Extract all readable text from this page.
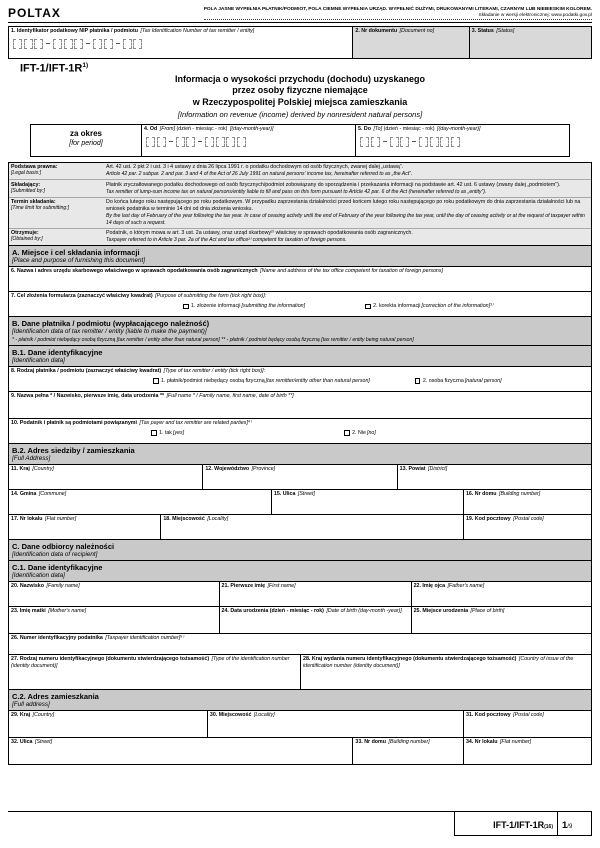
POLTAX	POLA JASNE WYPEŁNIA PŁATNIK/PODMIOT, POLA CIEMNE WYPEŁNIA URZĄD. WYPEŁNIĆ DUŻYMI, DRUKOWANYMI LITERAMI, CZARNYM LUB NIEBIESKIM KOLOREM.
Składanie w wersji elektronicznej: www.podatki.gov.pl
1. Identyfikator podatkowy NIP płatnika / podmiotu [Tax Identification Number of tax remitter / entity]	2. Nr dokumentu [Document no]	3. Status [Status]
IFT-$1/IFT-1R^{1)}$
Informacja o wysokości przychodu (dochodu) uzyskanego
przez osoby fizyczne niemające
w Rzeczypospolitej Polskiej miejsca zamieszkania
[Information on revenue (income) derived by nonresident natural persons]
za okres
[for period]
4. Od [From] (dzień - miesiąc - rok) [(day-month-year)]	5. Do [To] (dzień - miesiąc - rok) [(day-month-year)]
Podstawa prawna:
[Legal basis:]
Art. 42 ust. 2 pkt 2 i ust. 3 i 4 ustawy z dnia 26 lipca 1991 r. o podatku dochodowym od osób fizycznych, zwanej dalej „ustawą”.
Article 42 par. 2 subpar. 2 and par. 3 and 4 of the Act of 26 July 1991 on natural persons’ income tax, hereinafter referred to as „the Act”.
Składający:
[Submitted by:]
Płatnik zryczałtowanego podatku dochodowego od osób fizycznych/podmiot zobowiązany do sporządzenia i przekazania informacji na podstawie art. 42 ust. 6 ustawy (zwany dalej „podmiotem”).
Tax remitter of lump-sum income tax on natural persons/entity liable to fill and pass on this form pursuant to Article 42 par. 6 of the Act (hereinafter referred to as „entity”).
Termin składania:
[Time limit for submitting:]
Do końca lutego roku następującego po roku podatkowym. W przypadku zaprzestania działalności przed końcem lutego roku następującego po roku podatkowym do dnia zaprzestania działalności lub na wniosek podatnika w terminie 14 dni od dnia złożenia wniosku.
By the last day of February of the year following the tax year. In case of ceasing activity until the end of February of the year following the tax year, until the day of ceasing activity or at the request of taxpayer within 14 days of such a request.
Otrzymuje:
[Obtained by:]
Podatnik, o którym mowa w art. 3 ust. 2a ustawy, oraz urząd skarbowy²⁾ właściwy w sprawach opodatkowania osób zagranicznych.
Taxpayer referred to in Article 3 par. 2a of the Act and tax office²⁾ competent for taxation of foreign persons.
A. Miejsce i cel składania informacji
[Place and purpose of furnishing this document]
6. Nazwa i adres urzędu skarbowego właściwego w sprawach opodatkowania osób zagranicznych [Name and address of the tax office competent for taxation of foreign persons]
7. Cel złożenia formularza (zaznaczyć właściwy kwadrat) [Purpose of submitting the form (tick right box)]:
1. złożenie informacji [submitting the information]	2. korekta informacji [correction of the information]³⁾
B. Dane płatnika / podmiotu (wypłacającego należność)
[Identification data of tax remitter / entity (liable to make the payment)]
* - płatnik / podmiot niebędący osobą fizyczną [tax remitter / entity other than natural person] ** - płatnik / podmiot będący osobą fizyczną [tax remitter / entity being natural person]
B.1. Dane identyfikacyjne
[Identification data]
8. Rodzaj płatnika / podmiotu (zaznaczyć właściwy kwadrat) [Type of tax remitter / entity (tick right box)]:
1. płatnik/podmiot niebędący osobą fizyczną [tax remitter/entity other than natural person]	2. osoba fizyczna [natural person]
9. Nazwa pełna * / Nazwisko, pierwsze imię, data urodzenia ** [Full name * / Family name, first name, date of birth **]
10. Podatnik i płatnik są podmiotami powiązanymi [Tax payer and tax remitter are related parties]⁴⁾
1. tak [yes]	2. Nie [no]
B.2. Adres siedziby / zamieszkania
[Full Address]
11. Kraj [Country]	12. Województwo [Province]	13. Powiat [District]
14. Gmina [Commune]	15. Ulica [Street]	16. Nr domu [Building number]
17. Nr lokalu [Flat number]	18. Miejscowość [Locality]	19. Kod pocztowy [Postal code]
C. Dane odbiorcy należności
[Identification data of recipient]
C.1. Dane identyfikacyjne
[Identification data]
20. Nazwisko [Family name]	21. Pierwsze imię [First name]	22. Imię ojca [Father's name]
23. Imię matki [Mother's name]	24. Data urodzenia (dzień - miesiąc - rok) [Date of birth (day-month -year)]	25. Miejsce urodzenia [Place of birth]
26. Numer identyfikacyjny podatnika [Taxpayer identification number]⁵⁾
27. Rodzaj numeru identyfikacyjnego (dokumentu stwierdzającego tożsamość) [Type of the identification number (identity document)]
28. Kraj wydania numeru identyfikacyjnego (dokumentu stwierdzającego tożsamość) [Country of issue of the identification number (identity document)]
C.2. Adres zamieszkania
[Full address]
29. Kraj [Country]	30. Miejscowość [Locality]	31. Kod pocztowy [Postal code]
32. Ulica [Street]	33. Nr domu [Building number]	34. Nr lokalu [Flat number]
IFT-1/IFT-1R(16) 1/9
